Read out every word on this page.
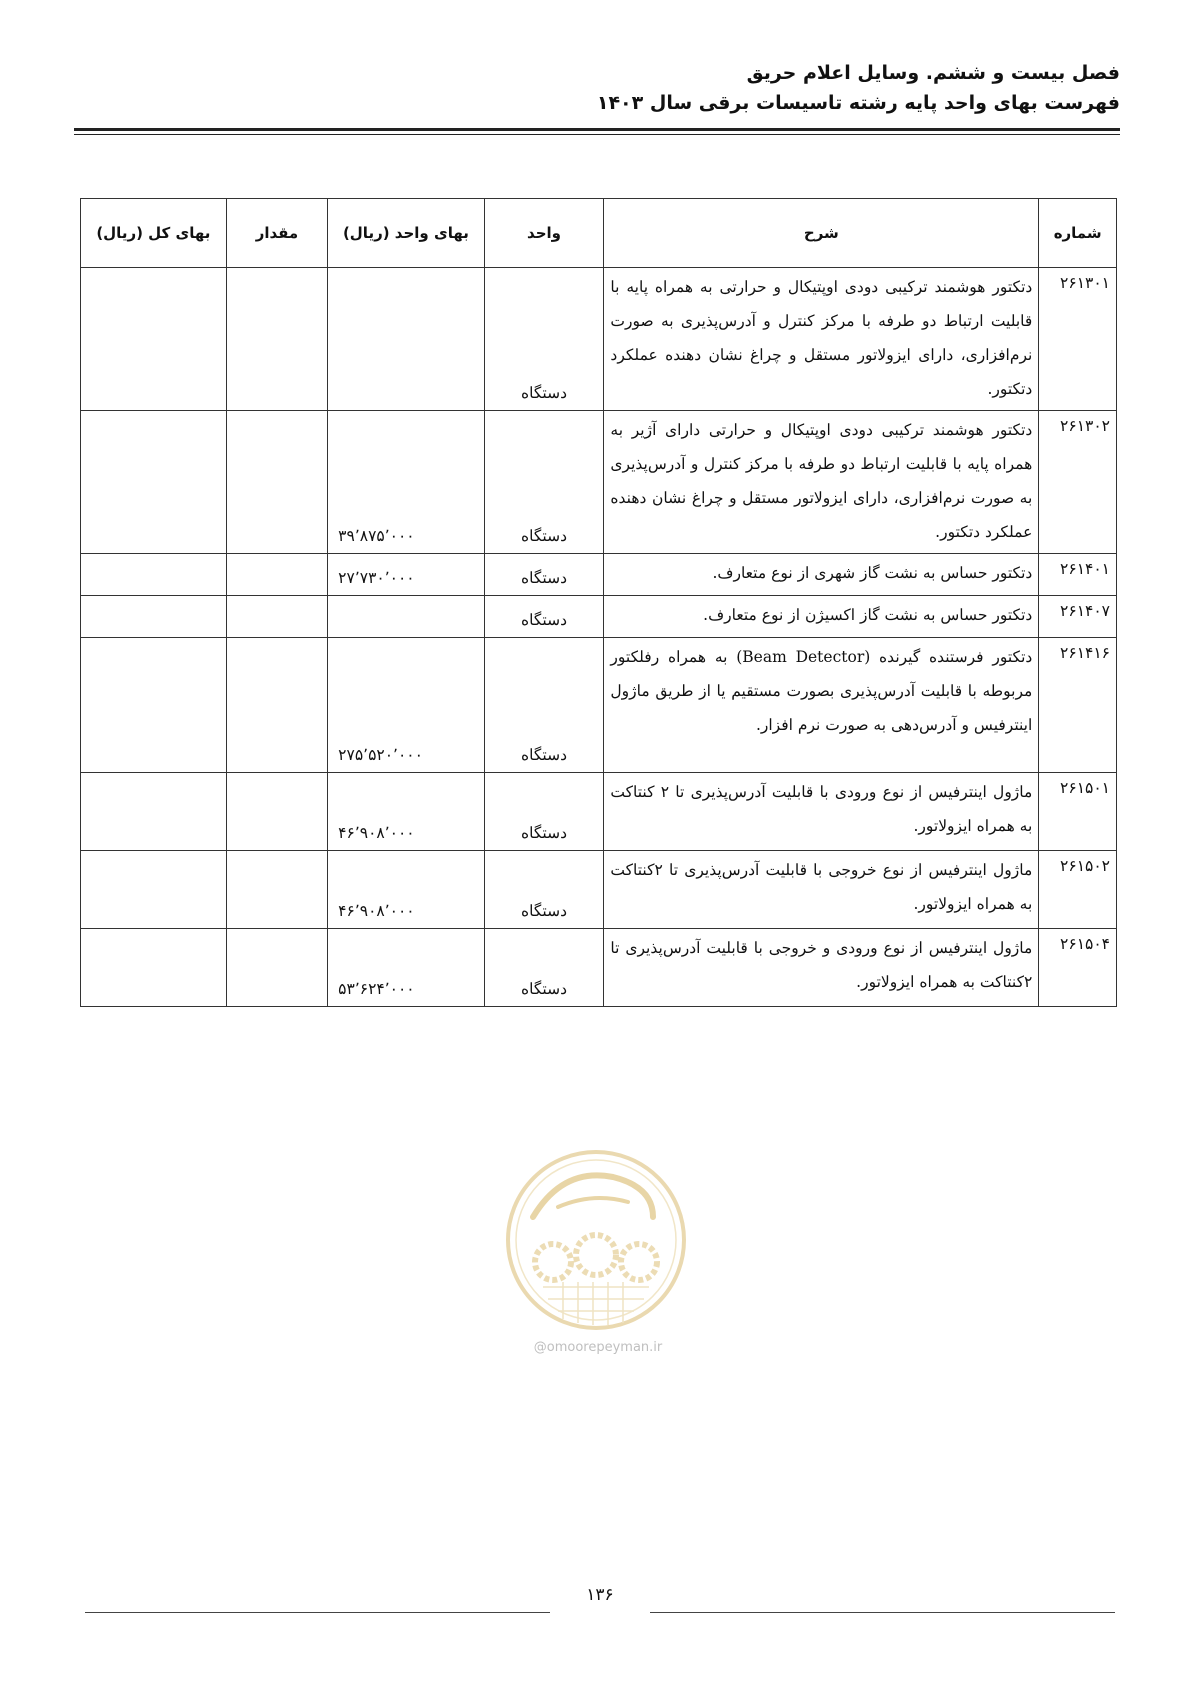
فصل بیست و ششم. وسایل اعلام حریق
فهرست بهای واحد پایه رشته تاسیسات برقی سال ۱۴۰۳
شماره	شرح	واحد	بهای واحد (ریال)	مقدار	بهای کل (ریال)
۲۶۱۳۰۱	دتکتور هوشمند ترکیبی دودی اوپتیکال و حرارتی به همراه پایه با قابلیت ارتباط دو طرفه با مرکز کنترل و آدرس‌پذیری به صورت نرم‌افزاری، دارای ایزولاتور مستقل و چراغ نشان دهنده عملکرد دتکتور.	دستگاه			
۲۶۱۳۰۲	دتکتور هوشمند ترکیبی دودی اوپتیکال و حرارتی دارای آژیر به همراه پایه با قابلیت ارتباط دو طرفه با مرکز کنترل و آدرس‌پذیری به صورت نرم‌افزاری، دارای ایزولاتور مستقل و چراغ نشان دهنده عملکرد دتکتور.	دستگاه	۳۹٬۸۷۵٬۰۰۰		
۲۶۱۴۰۱	دتکتور حساس به نشت گاز شهری از نوع متعارف.	دستگاه	۲۷٬۷۳۰٬۰۰۰		
۲۶۱۴۰۷	دتکتور حساس به نشت گاز اکسیژن از نوع متعارف.	دستگاه			
۲۶۱۴۱۶	دتکتور فرستنده گیرنده (Beam Detector) به همراه رفلکتور مربوطه با قابلیت آدرس‌پذیری بصورت مستقیم یا از طریق ماژول اینترفیس و آدرس‌دهی به صورت نرم افزار.	دستگاه	۲۷۵٬۵۲۰٬۰۰۰		
۲۶۱۵۰۱	ماژول اینترفیس از نوع ورودی با قابلیت آدرس‌پذیری تا ۲ کنتاکت به همراه ایزولاتور.	دستگاه	۴۶٬۹۰۸٬۰۰۰		
۲۶۱۵۰۲	ماژول اینترفیس از نوع خروجی با قابلیت آدرس‌پذیری تا ۲کنتاکت به همراه ایزولاتور.	دستگاه	۴۶٬۹۰۸٬۰۰۰		
۲۶۱۵۰۴	ماژول اینترفیس از نوع ورودی و خروجی با قابلیت آدرس‌پذیری تا ۲کنتاکت به همراه ایزولاتور.	دستگاه	۵۳٬۶۲۴٬۰۰۰		
@omoorepeyman.ir
۱۳۶
